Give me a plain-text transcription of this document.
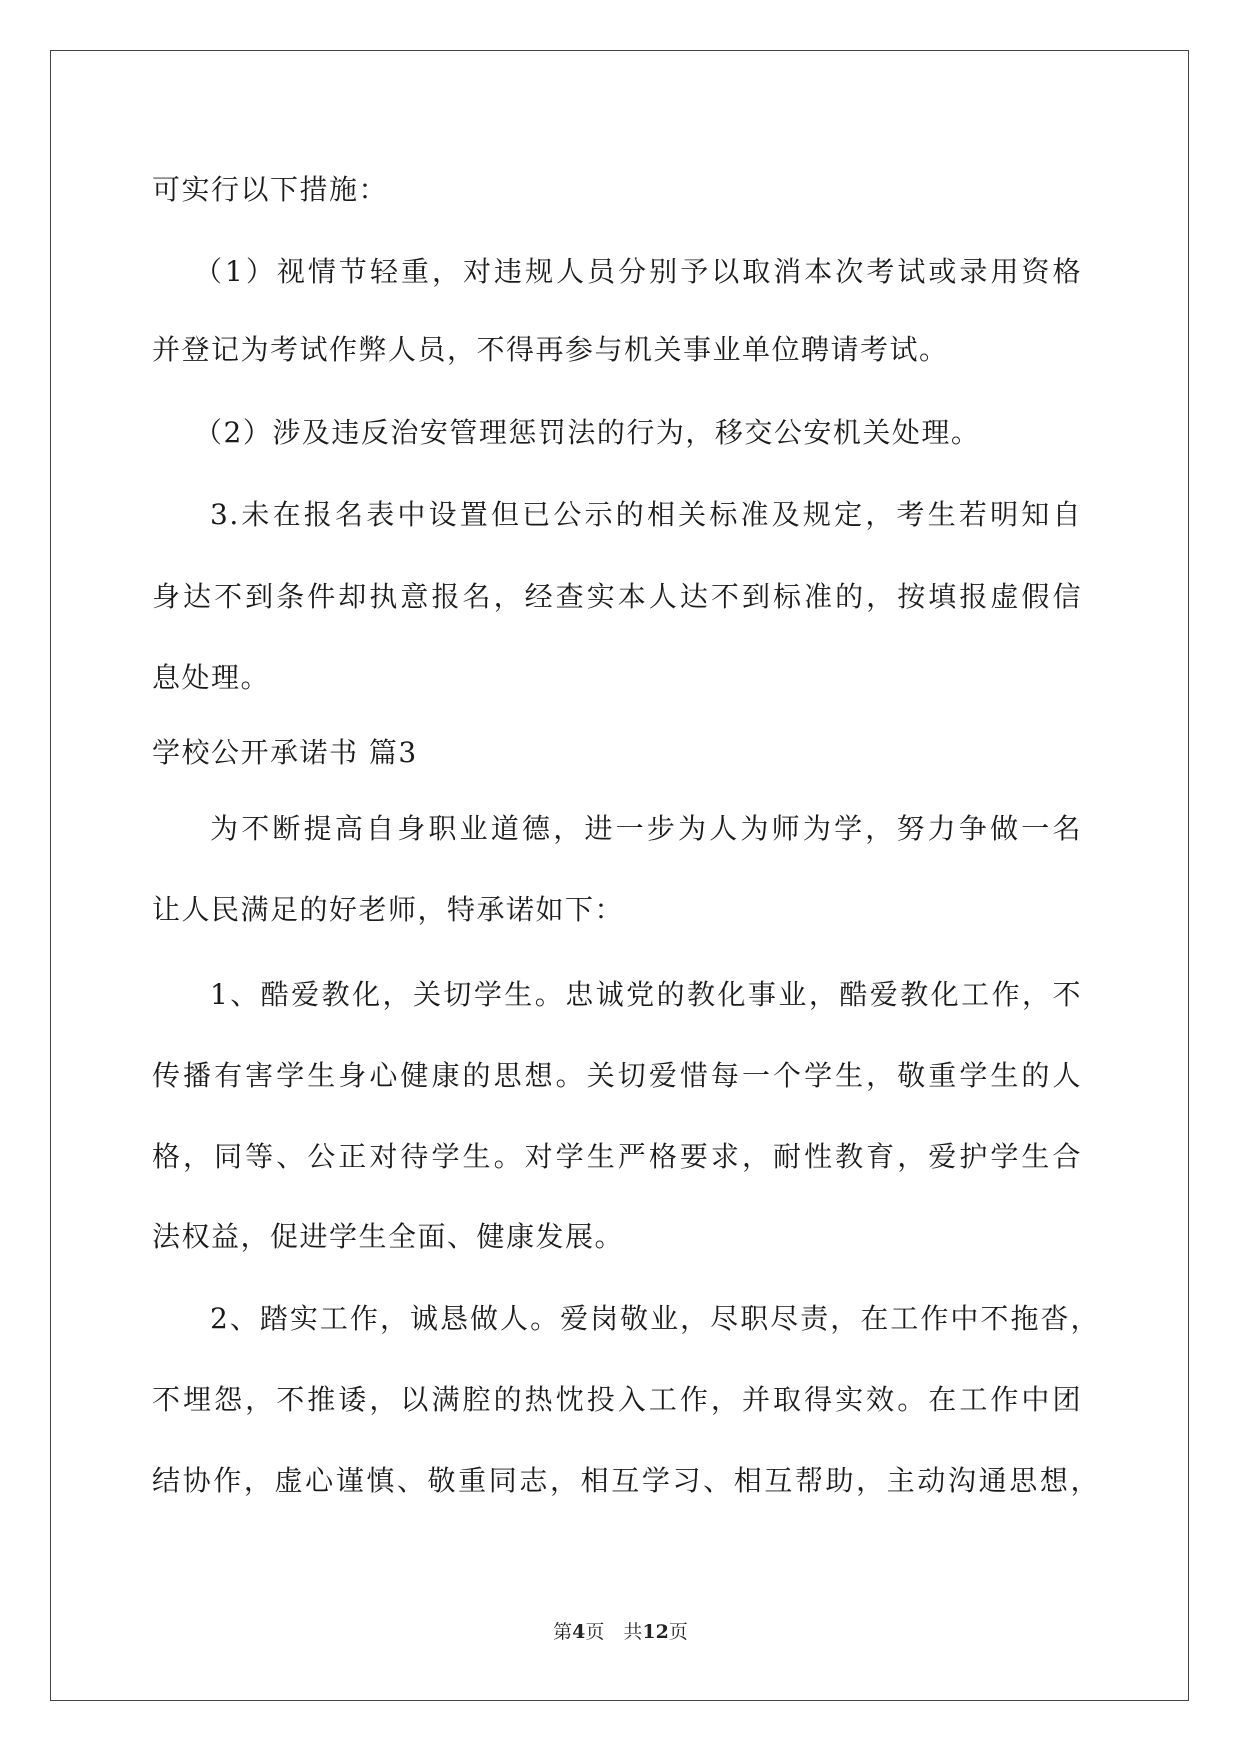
可实行以下措施：
（1）视情节轻重，对违规人员分别予以取消本次考试或录用资格
并登记为考试作弊人员，不得再参与机关事业单位聘请考试。
（2）涉及违反治安管理惩罚法的行为，移交公安机关处理。
3.未在报名表中设置但已公示的相关标准及规定，考生若明知自
身达不到条件却执意报名，经查实本人达不到标准的，按填报虚假信
息处理。
学校公开承诺书 篇3
为不断提高自身职业道德，进一步为人为师为学，努力争做一名
让人民满足的好老师，特承诺如下：
1、酷爱教化，关切学生。忠诚党的教化事业，酷爱教化工作，不
传播有害学生身心健康的思想。关切爱惜每一个学生，敬重学生的人
格，同等、公正对待学生。对学生严格要求，耐性教育，爱护学生合
法权益，促进学生全面、健康发展。
2、踏实工作，诚恳做人。爱岗敬业，尽职尽责，在工作中不拖沓，
不埋怨，不推诿，以满腔的热忱投入工作，并取得实效。在工作中团
结协作，虚心谨慎、敬重同志，相互学习、相互帮助，主动沟通思想，
第4页　共12页
